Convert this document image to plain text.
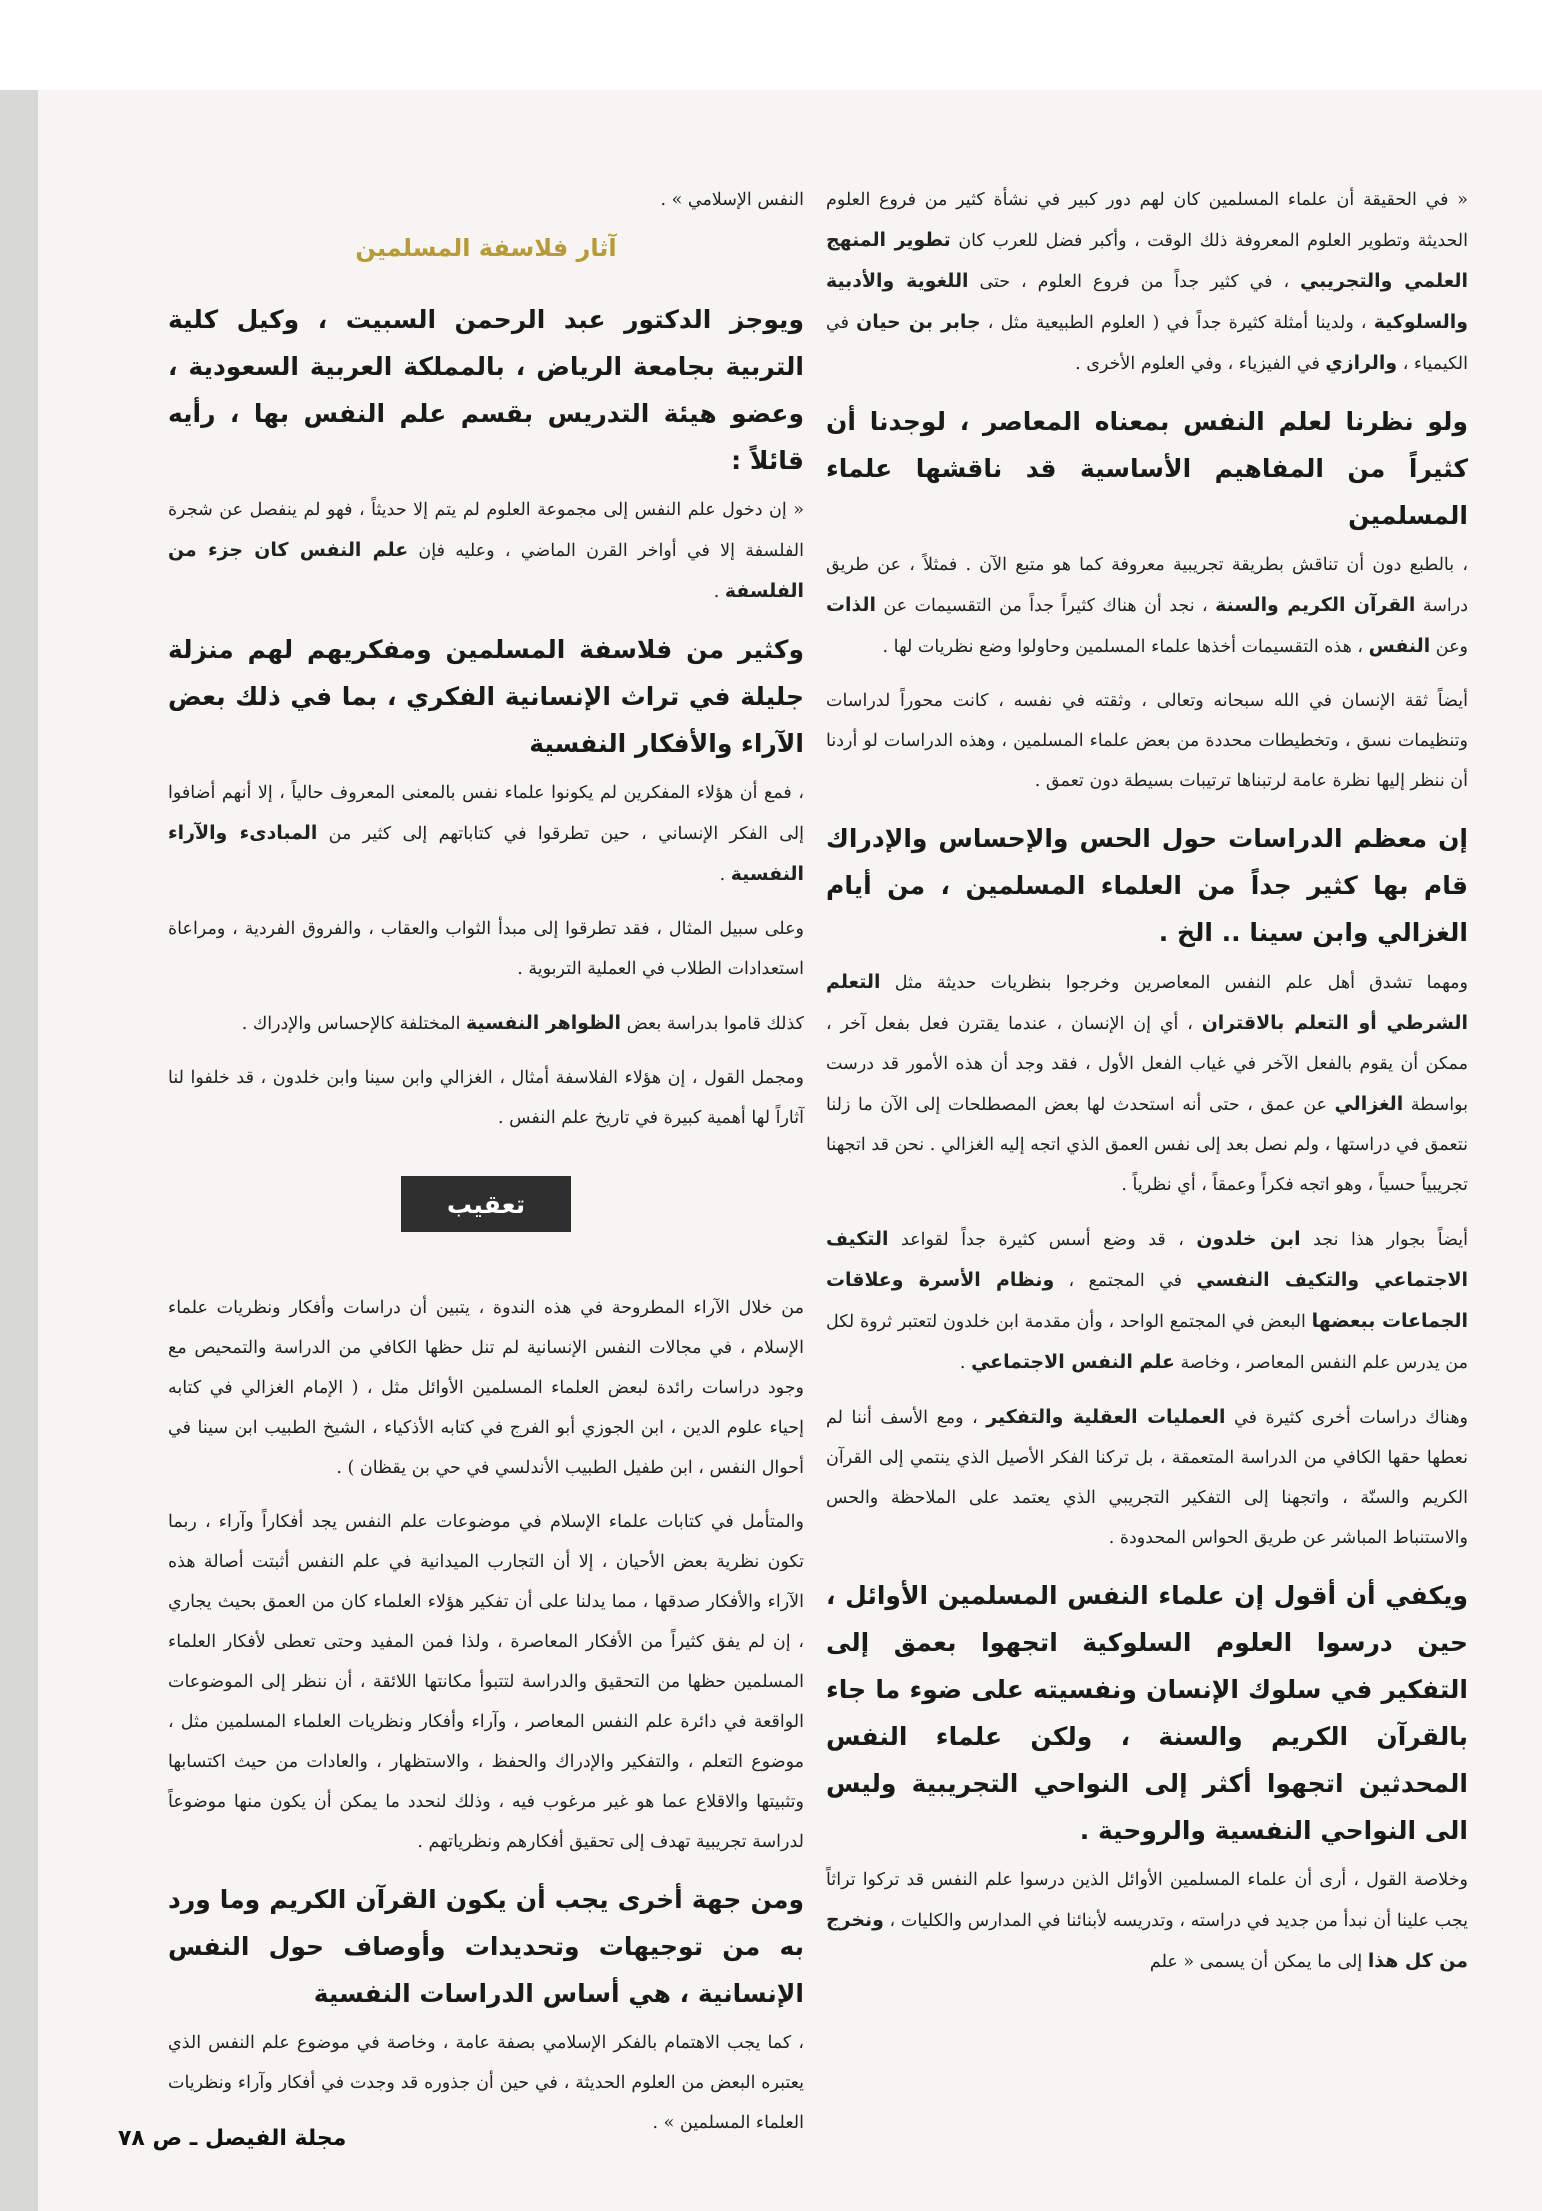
« في الحقيقة أن علماء المسلمين كان لهم دور كبير في نشأة كثير من فروع العلوم الحديثة وتطوير العلوم المعروفة ذلك الوقت ، وأكبر فضل للعرب كان تطوير المنهج العلمي والتجريبي ، في كثير جداً من فروع العلوم ، حتى اللغوية والأدبية والسلوكية ، ولدينا أمثلة كثيرة جداً في ( العلوم الطبيعية مثل ، جابر بن حيان في الكيمياء ، والرازي في الفيزياء ، وفي العلوم الأخرى .

ولو نظرنا لعلم النفس بمعناه المعاصر ، لوجدنا أن كثيراً من المفاهيم الأساسية قد ناقشها علماء المسلمين

، بالطبع دون أن تناقش بطريقة تجريبية معروفة كما هو متبع الآن . فمثلاً ، عن طريق دراسة القرآن الكريم والسنة ، نجد أن هناك كثيراً جداً من التقسيمات عن الذات وعن النفس ، هذه التقسيمات أخذها علماء المسلمين وحاولوا وضع نظريات لها .

أيضاً ثقة الإنسان في الله سبحانه وتعالى ، وثقته في نفسه ، كانت محوراً لدراسات وتنظيمات نسق ، وتخطيطات محددة من بعض علماء المسلمين ، وهذه الدراسات لو أردنا أن ننظر إليها نظرة عامة لرتبناها ترتيبات بسيطة دون تعمق .

إن معظم الدراسات حول الحس والإحساس والإدراك قام بها كثير جداً من العلماء المسلمين ، من أيام الغزالي وابن سينا .. الخ .

ومهما تشدق أهل علم النفس المعاصرين وخرجوا بنظريات حديثة مثل التعلم الشرطي أو التعلم بالاقتران ، أي إن الإنسان ، عندما يقترن فعل بفعل آخر ، ممكن أن يقوم بالفعل الآخر في غياب الفعل الأول ، فقد وجد أن هذه الأمور قد درست بواسطة الغزالي عن عمق ، حتى أنه استحدث لها بعض المصطلحات إلى الآن ما زلنا نتعمق في دراستها ، ولم نصل بعد إلى نفس العمق الذي اتجه إليه الغزالي . نحن قد اتجهنا تجريبياً حسياً ، وهو اتجه فكراً وعمقاً ، أي نظرياً .

أيضاً بجوار هذا نجد ابن خلدون ، قد وضع أسس كثيرة جداً لقواعد التكيف الاجتماعي والتكيف النفسي في المجتمع ، ونظام الأسرة وعلاقات الجماعات ببعضها البعض في المجتمع الواحد ، وأن مقدمة ابن خلدون لتعتبر ثروة لكل من يدرس علم النفس المعاصر ، وخاصة علم النفس الاجتماعي .

وهناك دراسات أخرى كثيرة في العمليات العقلية والتفكير ، ومع الأسف أننا لم نعطها حقها الكافي من الدراسة المتعمقة ، بل تركنا الفكر الأصيل الذي ينتمي إلى القرآن الكريم والسنّة ، واتجهنا إلى التفكير التجريبي الذي يعتمد على الملاحظة والحس والاستنباط المباشر عن طريق الحواس المحدودة .

ويكفي أن أقول إن علماء النفس المسلمين الأوائل ، حين درسوا العلوم السلوكية اتجهوا بعمق إلى التفكير في سلوك الإنسان ونفسيته على ضوء ما جاء بالقرآن الكريم والسنة ، ولكن علماء النفس المحدثين اتجهوا أكثر إلى النواحي التجريبية وليس الى النواحي النفسية والروحية .

وخلاصة القول ، أرى أن علماء المسلمين الأوائل الذين درسوا علم النفس قد تركوا تراثاً يجب علينا أن نبدأ من جديد في دراسته ، وتدريسه لأبنائنا في المدارس والكليات ، ونخرج من كل هذا إلى ما يمكن أن يسمى « علم

النفس الإسلامي » .

آثار فلاسفة المسلمين

ويوجز الدكتور عبد الرحمن السبيت ، وكيل كلية التربية بجامعة الرياض ، بالمملكة العربية السعودية ، وعضو هيئة التدريس بقسم علم النفس بها ، رأيه قائلاً :

« إن دخول علم النفس إلى مجموعة العلوم لم يتم إلا حديثاً ، فهو لم ينفصل عن شجرة الفلسفة إلا في أواخر القرن الماضي ، وعليه فإن علم النفس كان جزء من الفلسفة .

وكثير من فلاسفة المسلمين ومفكريهم لهم منزلة جليلة في تراث الإنسانية الفكري ، بما في ذلك بعض الآراء والأفكار النفسية

، فمع أن هؤلاء المفكرين لم يكونوا علماء نفس بالمعنى المعروف حالياً ، إلا أنهم أضافوا إلى الفكر الإنساني ، حين تطرقوا في كتاباتهم إلى كثير من المبادىء والآراء النفسية .

وعلى سبيل المثال ، فقد تطرقوا إلى مبدأ الثواب والعقاب ، والفروق الفردية ، ومراعاة استعدادات الطلاب في العملية التربوية .

كذلك قاموا بدراسة بعض الظواهر النفسية المختلفة كالإحساس والإدراك .

ومجمل القول ، إن هؤلاء الفلاسفة أمثال ، الغزالي وابن سينا وابن خلدون ، قد خلفوا لنا آثاراً لها أهمية كبيرة في تاريخ علم النفس .

تعقيب

من خلال الآراء المطروحة في هذه الندوة ، يتبين أن دراسات وأفكار ونظريات علماء الإسلام ، في مجالات النفس الإنسانية لم تنل حظها الكافي من الدراسة والتمحيص مع وجود دراسات رائدة لبعض العلماء المسلمين الأوائل مثل ، ( الإمام الغزالي في كتابه إحياء علوم الدين ، ابن الجوزي أبو الفرج في كتابه الأذكياء ، الشيخ الطبيب ابن سينا في أحوال النفس ، ابن طفيل الطبيب الأندلسي في حي بن يقظان ) .

والمتأمل في كتابات علماء الإسلام في موضوعات علم النفس يجد أفكاراً وآراء ، ربما تكون نظرية بعض الأحيان ، إلا أن التجارب الميدانية في علم النفس أثبتت أصالة هذه الآراء والأفكار صدقها ، مما يدلنا على أن تفكير هؤلاء العلماء كان من العمق بحيث يجاري ، إن لم يفق كثيراً من الأفكار المعاصرة ، ولذا فمن المفيد وحتى تعطى لأفكار العلماء المسلمين حظها من التحقيق والدراسة لتتبوأ مكانتها اللائقة ، أن ننظر إلى الموضوعات الواقعة في دائرة علم النفس المعاصر ، وآراء وأفكار ونظريات العلماء المسلمين مثل ، موضوع التعلم ، والتفكير والإدراك والحفظ ، والاستظهار ، والعادات من حيث اكتسابها وتثبيتها والاقلاع عما هو غير مرغوب فيه ، وذلك لنحدد ما يمكن أن يكون منها موضوعاً لدراسة تجريبية تهدف إلى تحقيق أفكارهم ونظرياتهم .

ومن جهة أخرى يجب أن يكون القرآن الكريم وما ورد به من توجيهات وتحديدات وأوصاف حول النفس الإنسانية ، هي أساس الدراسات النفسية

، كما يجب الاهتمام بالفكر الإسلامي بصفة عامة ، وخاصة في موضوع علم النفس الذي يعتبره البعض من العلوم الحديثة ، في حين أن جذوره قد وجدت في أفكار وآراء ونظريات العلماء المسلمين » .

مجلة الفيصل ـ ص ٧٨
